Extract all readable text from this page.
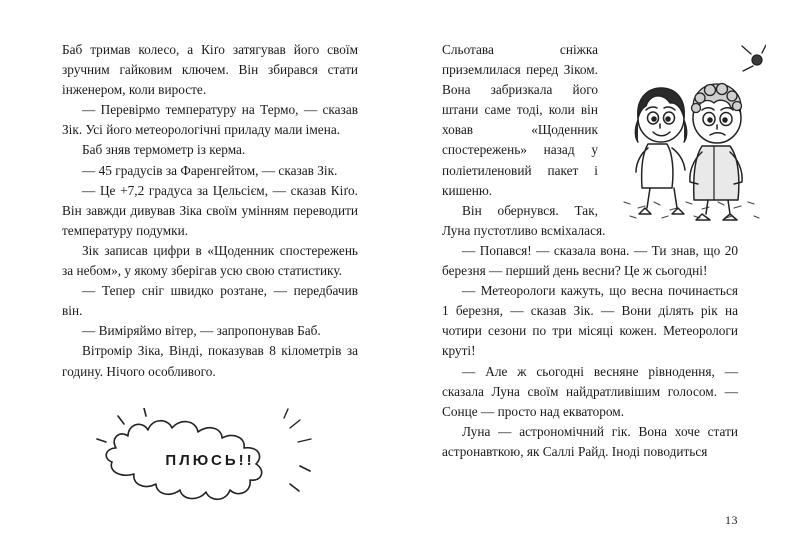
Баб тримав колесо, а Кіґо затягував його своїм зручним гайковим ключем. Він збирався стати інженером, коли виросте.

— Перевірмо температуру на Термо, — сказав Зік. Усі його метеорологічні приладу мали імена.

Баб зняв термометр із керма.

— 45 градусів за Фаренгейтом, — сказав Зік.

— Це +7,2 градуса за Цельсієм, — сказав Кіґо. Він завжди дивував Зіка своїм умінням переводити температуру подумки.

Зік записав цифри в «Щоденник спостережень за небом», у якому зберігав усю свою статистику.

— Тепер сніг швидко розтане, — передбачив він.

— Виміряймо вітер, — запропонував Баб.

Вітромір Зіка, Вінді, показував 8 кілометрів за годину. Нічого особливого.

ПЛЮСЬ!!

Сльотава сніжка приземлилася перед Зіком. Вона забризкала його штани саме тоді, коли він ховав «Щоденник спостережень» назад у поліетиленовий пакет і кишеню.

Він обернувся. Так, Луна пустотливо всміхалася.

— Попався! — сказала вона. — Ти знав, що 20 березня — перший день весни? Це ж сьогодні!

— Метеорологи кажуть, що весна починається 1 березня, — сказав Зік. — Вони ділять рік на чотири сезони по три місяці кожен. Метеорологи круті!

— Але ж сьогодні веснянe рівнодення, — сказала Луна своїм найдратливішим голосом. — Сонце — просто над екватором.

Луна — астрономічний гік. Вона хоче стати астронавткою, як Саллі Райд. Іноді поводиться

13
